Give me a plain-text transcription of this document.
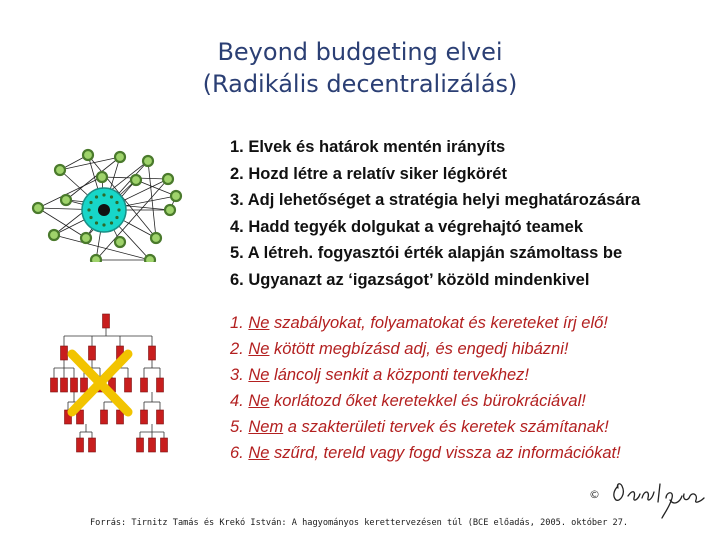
Beyond budgeting elvei
(Radikális decentralizálás)
1. Elvek és határok mentén irányíts
2. Hozd létre a relatív siker légkörét
3. Adj lehetőséget a stratégia helyi meghatározására
4. Hadd tegyék dolgukat a végrehajtó teamek
5. A létreh. fogyasztói érték alapján számoltass be
6. Ugyanazt az ‘igazságot’ közöld mindenkivel
1. Ne szabályokat, folyamatokat és kereteket írj elő!
2. Ne kötött megbízásd adj, és engedj hibázni!
3. Ne láncolj senkit a központi tervekhez!
4. Ne korlátozd őket keretekkel és bürokráciával!
5. Nem a szakterületi tervek és keretek számítanak!
6. Ne szűrd, tereld vagy fogd vissza az információkat!
©
Forrás: Tirnitz Tamás és Krekó István: A hagyományos kerettervezésen túl (BCE előadás, 2005. október 27.
